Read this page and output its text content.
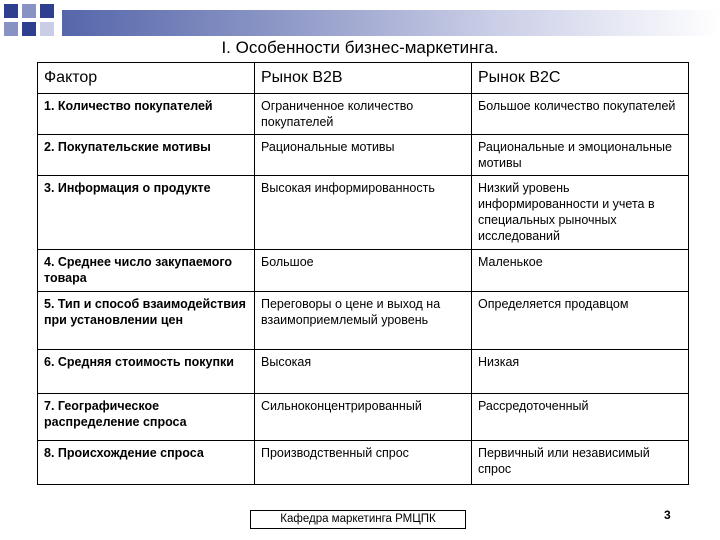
I. Особенности бизнес-маркетинга.
Фактор	Рынок B2B	Рынок B2C
1. Количество покупателей	Ограниченное количество покупателей	Большое количество покупателей
2. Покупательские мотивы	Рациональные мотивы	Рациональные и эмоциональные мотивы
3. Информация о продукте	Высокая информированность	Низкий уровень информированности и учета в специальных рыночных исследований
4. Среднее число закупаемого товара	Большое	Маленькое
5. Тип и способ взаимодействия при установлении цен	Переговоры о цене и выход на взаимоприемлемый уровень	Определяется продавцом
6. Средняя стоимость покупки	Высокая	Низкая
7. Географическое распределение спроса	Сильноконцентрированный	Рассредоточенный
8. Происхождение спроса	Производственный спрос	Первичный или независимый спрос
Кафедра маркетинга РМЦПК	3
